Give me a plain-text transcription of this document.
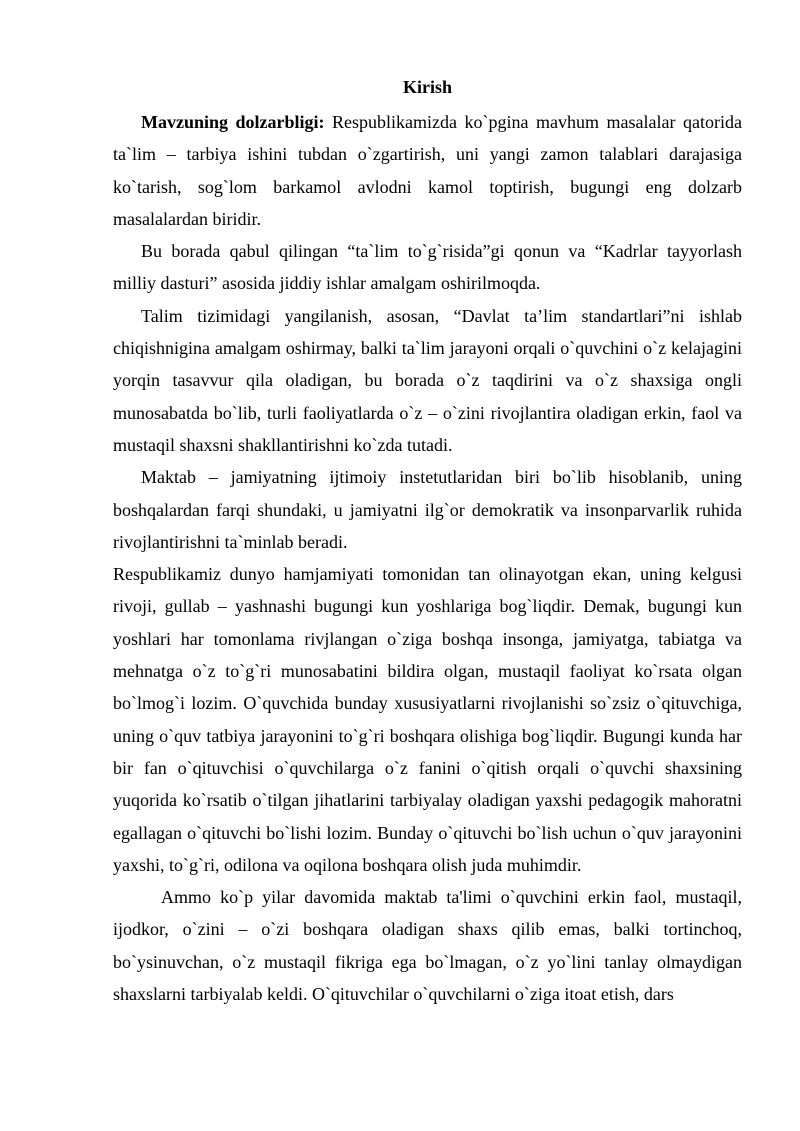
Kirish

Mavzuning dolzarbligi: Respublikamizda ko`pgina mavhum masalalar qatorida ta`lim – tarbiya ishini tubdan o`zgartirish, uni yangi zamon talablari darajasiga ko`tarish, sog`lom barkamol avlodni kamol toptirish, bugungi eng dolzarb masalalardan biridir.

Bu borada qabul qilingan “ta`lim to`g`risida”gi qonun va “Kadrlar tayyorlash milliy dasturi” asosida jiddiy ishlar amalgam oshirilmoqda.

Talim tizimidagi yangilanish, asosan, “Davlat ta’lim standartlari”ni ishlab chiqishnigina amalgam oshirmay, balki ta`lim jarayoni orqali o`quvchini o`z kelajagini yorqin tasavvur qila oladigan, bu borada o`z taqdirini va o`z shaxsiga ongli munosabatda bo`lib, turli faoliyatlarda o`z – o`zini rivojlantira oladigan erkin, faol va mustaqil shaxsni shakllantirishni ko`zda tutadi.

Maktab – jamiyatning ijtimoiy instetutlaridan biri bo`lib hisoblanib, uning boshqalardan farqi shundaki, u jamiyatni ilg`or demokratik va insonparvarlik ruhida rivojlantirishni ta`minlab beradi.

Respublikamiz dunyo hamjamiyati tomonidan tan olinayotgan ekan, uning kelgusi rivoji, gullab – yashnashi bugungi kun yoshlariga bog`liqdir. Demak, bugungi kun yoshlari har tomonlama rivjlangan o`ziga boshqa insonga, jamiyatga, tabiatga va mehnatga o`z to`g`ri munosabatini bildira olgan, mustaqil faoliyat ko`rsata olgan bo`lmog`i lozim. O`quvchida bunday xususiyatlarni rivojlanishi so`zsiz o`qituvchiga, uning o`quv tatbiya jarayonini to`g`ri boshqara olishiga bog`liqdir. Bugungi kunda har bir fan o`qituvchisi o`quvchilarga o`z fanini o`qitish orqali o`quvchi shaxsining yuqorida ko`rsatib o`tilgan jihatlarini tarbiyalay oladigan yaxshi pedagogik mahoratni egallagan o`qituvchi bo`lishi lozim. Bunday o`qituvchi bo`lish uchun o`quv jarayonini yaxshi, to`g`ri, odilona va oqilona boshqara olish juda muhimdir.

Ammo ko`p yilar davomida maktab ta'limi o`quvchini erkin faol, mustaqil, ijodkor, o`zini – o`zi boshqara oladigan shaxs qilib emas, balki tortinchoq, bo`ysinuvchan, o`z mustaqil fikriga ega bo`lmagan, o`z yo`lini tanlay olmaydigan shaxslarni tarbiyalab keldi. O`qituvchilar o`quvchilarni o`ziga itoat etish, dars
